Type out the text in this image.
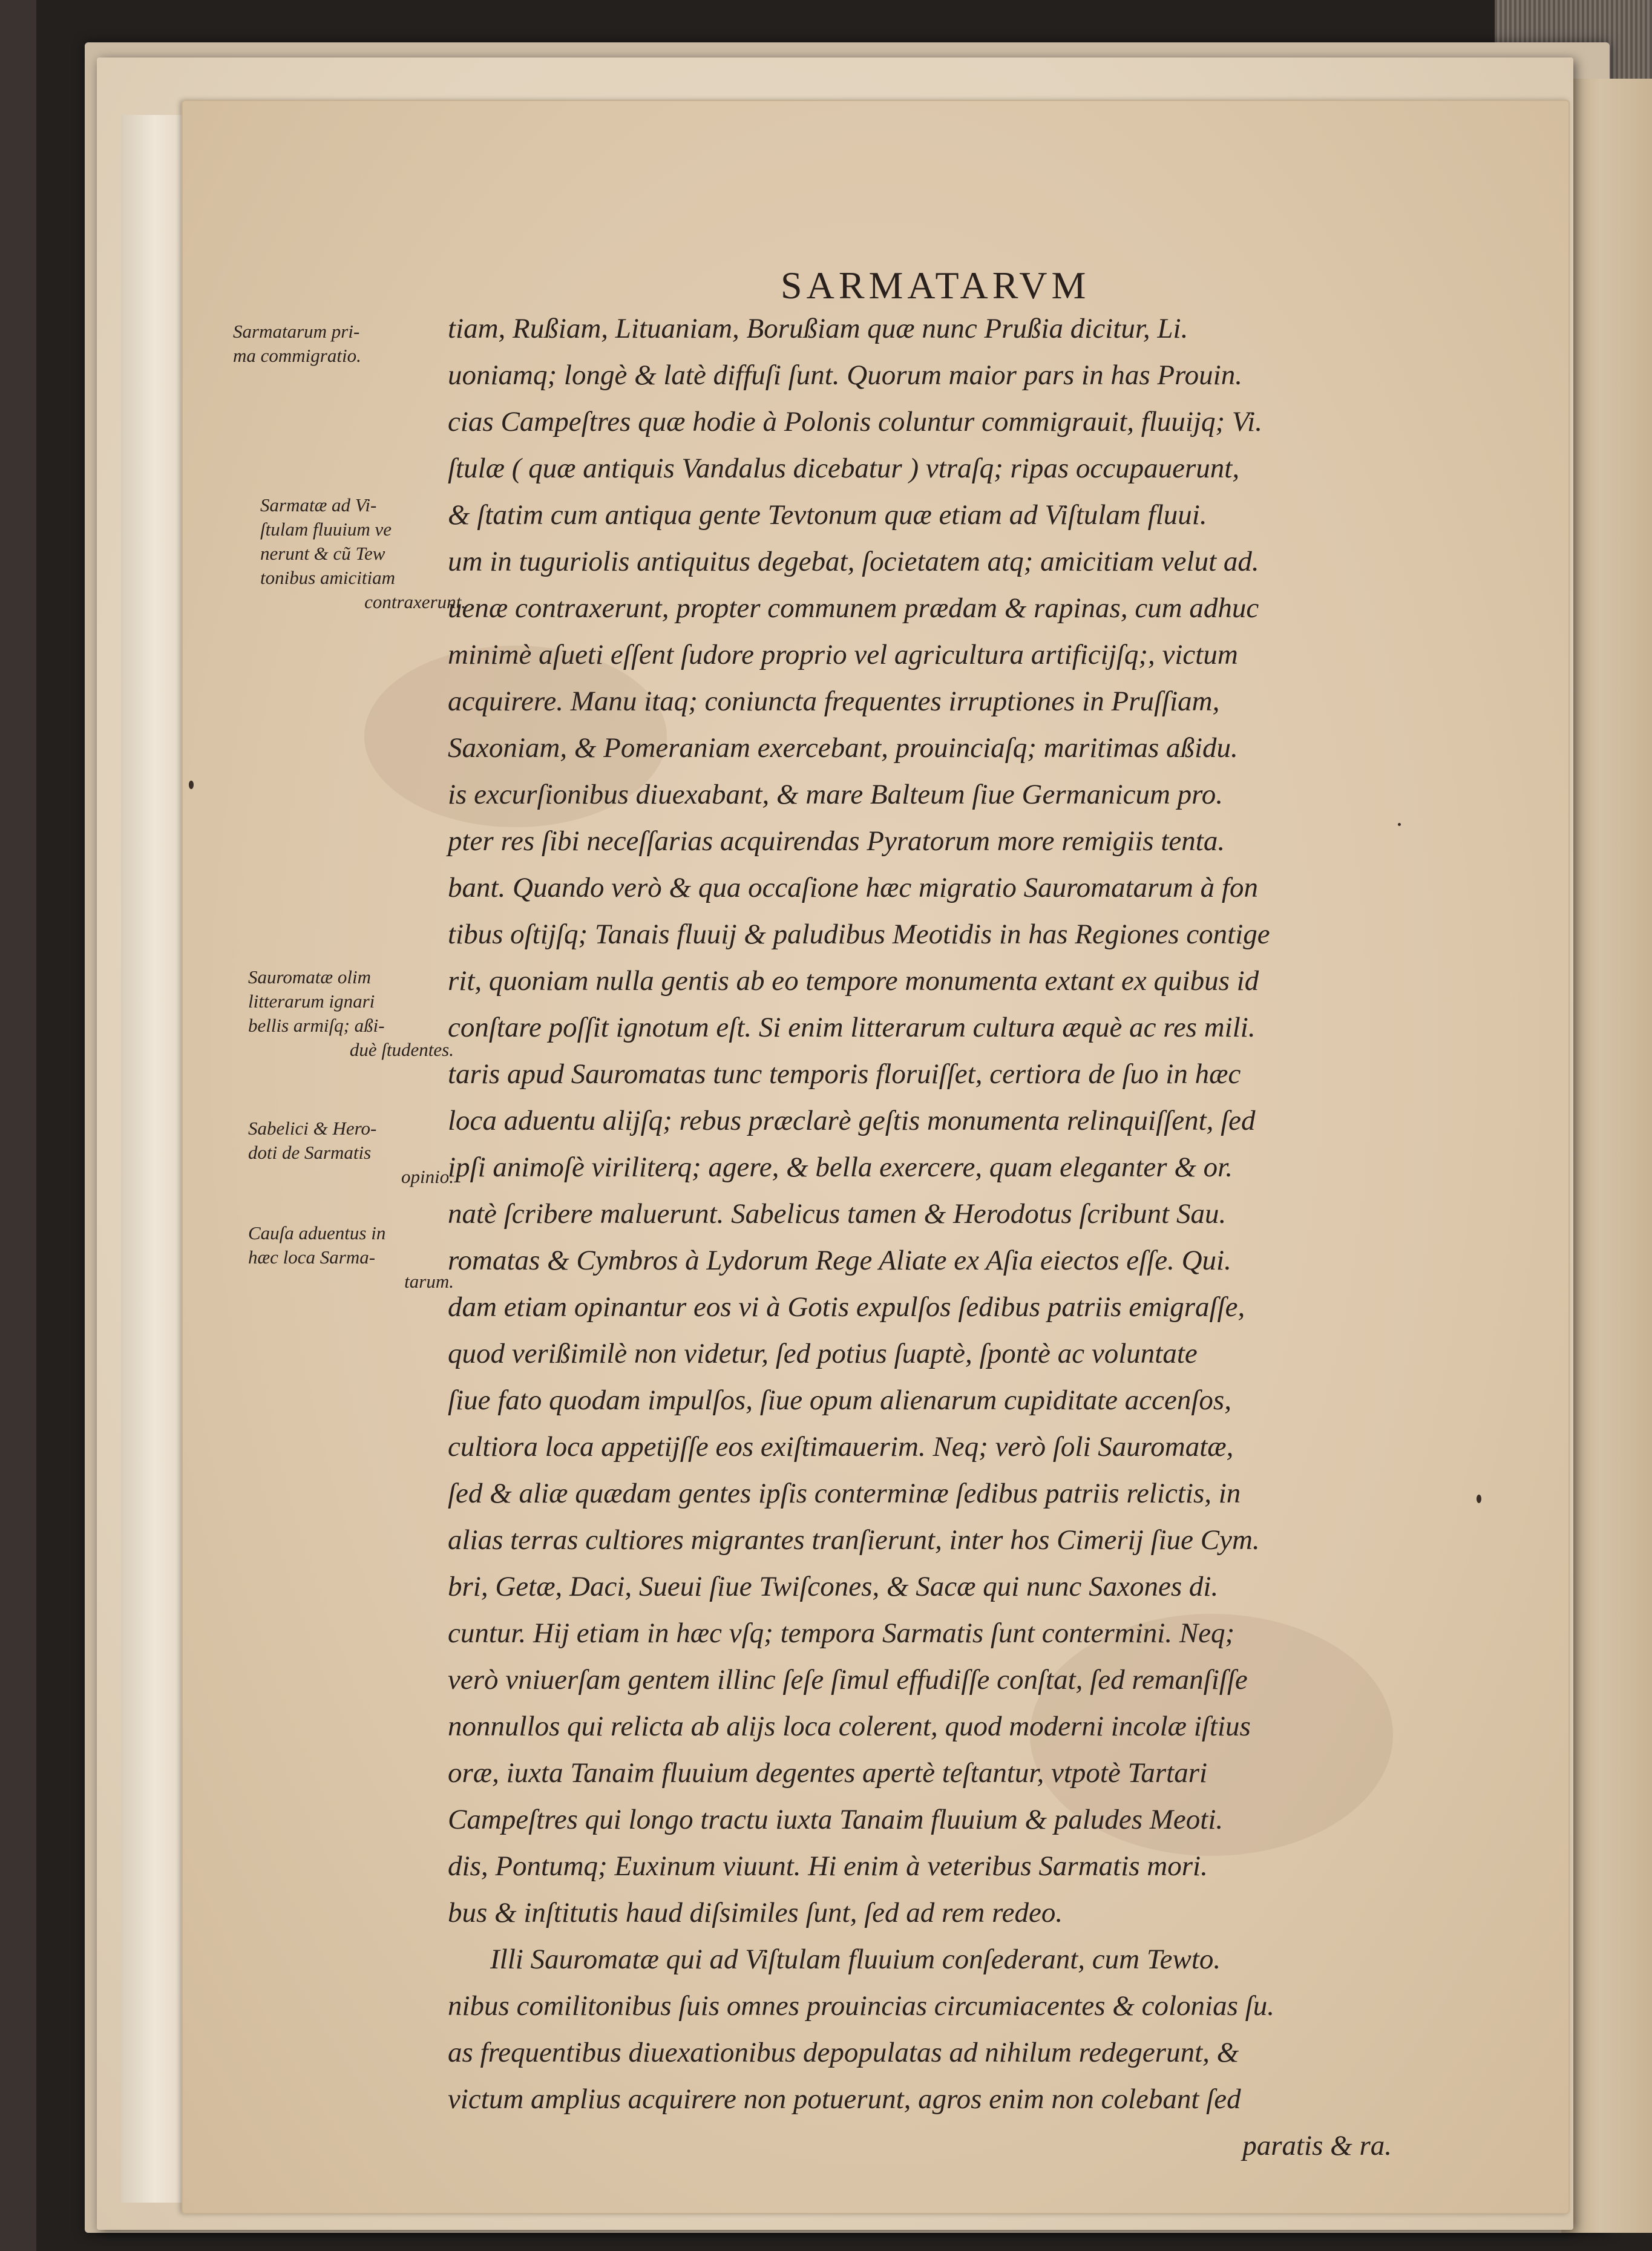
SARMATARVM
Sarmatarum pri-
ma commigratio.
Sarmatæ ad Vi-
ſtulam fluuium ve
nerunt & cũ Tew
tonibus amicitiam
contraxerunt.
Sauromatæ olim
litterarum ignari
bellis armiſq; aßi-
duè ſtudentes.
Sabelici & Hero-
doti de Sarmatis
opinio.
Cauſa aduentus in
hæc loca Sarma-
tarum.
tiam, Rußiam, Lituaniam, Borußiam quæ nunc Prußia dicitur, Li.
uoniamq; longè & latè diffuſi ſunt. Quorum maior pars in has Prouin.
cias Campeſtres quæ hodie à Polonis coluntur commigrauit, fluuijq; Vi.
ſtulæ ( quæ antiquis Vandalus dicebatur ) vtraſq; ripas occupauerunt,
& ſtatim cum antiqua gente Tevtonum quæ etiam ad Viſtulam fluui.
um in tuguriolis antiquitus degebat, ſocietatem atq; amicitiam velut ad.
uenæ contraxerunt, propter communem prædam & rapinas, cum adhuc
minimè aſueti eſſent ſudore proprio vel agricultura artificijſq;, victum
acquirere. Manu itaq; coniuncta frequentes irruptiones in Pruſſiam,
Saxoniam, & Pomeraniam exercebant, prouinciaſq; maritimas aßidu.
is excurſionibus diuexabant, & mare Balteum ſiue Germanicum pro.
pter res ſibi neceſſarias acquirendas Pyratorum more remigiis tenta.
bant. Quando verò & qua occaſione hæc migratio Sauromatarum à fon
tibus oſtijſq; Tanais fluuij & paludibus Meotidis in has Regiones contige
rit, quoniam nulla gentis ab eo tempore monumenta extant ex quibus id
conſtare poſſit ignotum eſt. Si enim litterarum cultura æquè ac res mili.
taris apud Sauromatas tunc temporis floruiſſet, certiora de ſuo in hæc
loca aduentu alijſq; rebus præclarè geſtis monumenta relinquiſſent, ſed
ipſi animoſè viriliterq; agere, & bella exercere, quam eleganter & or.
natè ſcribere maluerunt. Sabelicus tamen & Herodotus ſcribunt Sau.
romatas & Cymbros à Lydorum Rege Aliate ex Aſia eiectos eſſe. Qui.
dam etiam opinantur eos vi à Gotis expulſos ſedibus patriis emigraſſe,
quod verißimilè non videtur, ſed potius ſuaptè, ſpontè ac voluntate
ſiue fato quodam impulſos, ſiue opum alienarum cupiditate accenſos,
cultiora loca appetijſſe eos exiſtimauerim. Neq; verò ſoli Sauromatæ,
ſed & aliæ quædam gentes ipſis conterminæ ſedibus patriis relictis, in
alias terras cultiores migrantes tranſierunt, inter hos Cimerij ſiue Cym.
bri, Getæ, Daci, Sueui ſiue Twiſcones, & Sacæ qui nunc Saxones di.
cuntur. Hij etiam in hæc vſq; tempora Sarmatis ſunt contermini. Neq;
verò vniuerſam gentem illinc ſeſe ſimul effudiſſe conſtat, ſed remanſiſſe
nonnullos qui relicta ab alijs loca colerent, quod moderni incolæ iſtius
oræ, iuxta Tanaim fluuium degentes apertè teſtantur, vtpotè Tartari
Campeſtres qui longo tractu iuxta Tanaim fluuium & paludes Meoti.
dis, Pontumq; Euxinum viuunt. Hi enim à veteribus Sarmatis mori.
bus & inſtitutis haud diſsimiles ſunt, ſed ad rem redeo.
Illi Sauromatæ qui ad Viſtulam fluuium conſederant, cum Tewto.
nibus comilitonibus ſuis omnes prouincias circumiacentes & colonias ſu.
as frequentibus diuexationibus depopulatas ad nihilum redegerunt, &
victum amplius acquirere non potuerunt, agros enim non colebant ſed
paratis & ra.
